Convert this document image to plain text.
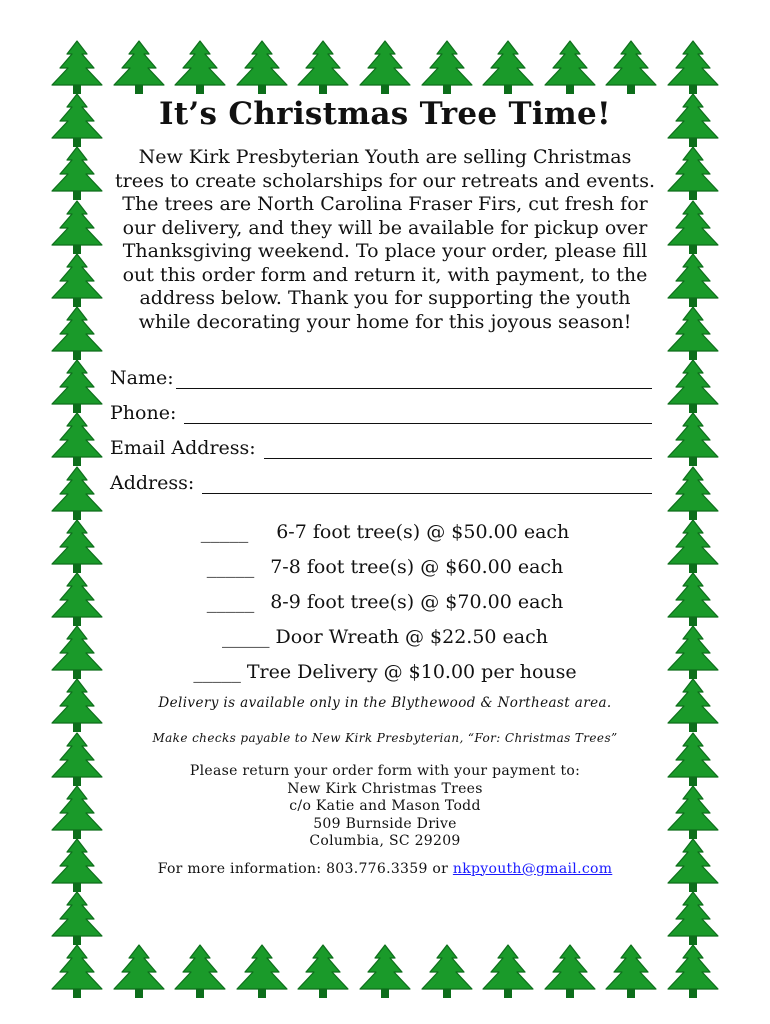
It’s Christmas Tree Time!

New Kirk Presbyterian Youth are selling Christmas trees to create scholarships for our retreats and events. The trees are North Carolina Fraser Firs, cut fresh for our delivery, and they will be available for pickup over Thanksgiving weekend. To place your order, please fill out this order form and return it, with payment, to the address below. Thank you for supporting the youth while decorating your home for this joyous season!

Name:
Phone:
Email Address:
Address:
_____ 6-7 foot tree(s) @ $50.00 each
_____ 7-8 foot tree(s) @ $60.00 each
_____ 8-9 foot tree(s) @ $70.00 each
_____ Door Wreath @ $22.50 each
_____ Tree Delivery @ $10.00 per house
Delivery is available only in the Blythewood & Northeast area.
Make checks payable to New Kirk Presbyterian, “For: Christmas Trees”
Please return your order form with your payment to:
New Kirk Christmas Trees
c/o Katie and Mason Todd
509 Burnside Drive
Columbia, SC 29209
For more information: 803.776.3359 or nkpyouth@gmail.com
